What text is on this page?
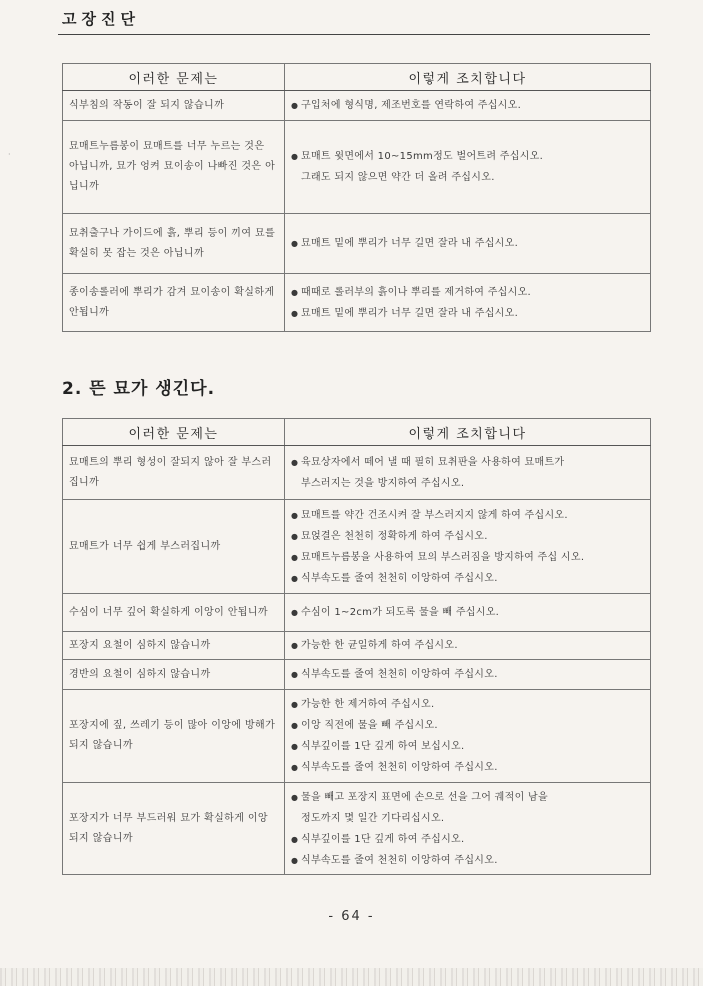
고장진단
·
이러한 문제는	이렇게 조치합니다
식부침의 작동이 잘 되지 않습니까	● 구입처에 형식명, 제조번호를 연락하여 주십시오.

묘매트누름봉이 묘매트를 너무 누르는 것은 아닙니까, 묘가 엉켜 묘이송이 나빠진 것은 아닙니까	● 묘매트 윗면에서 10~15mm정도 벌어트려 주십시오.
그래도 되지 않으면 약간 더 올려 주십시오.

묘취출구나 가이드에 흙, 뿌리 등이 끼여 묘를 확실히 못 잡는 것은 아닙니까	● 묘매트 밑에 뿌리가 너무 길면 잘라 내 주십시오.

종이송롤러에 뿌리가 감겨 묘이송이 확실하게 안됩니까	● 때때로 롤러부의 흙이나 뿌리를 제거하여 주십시오.
● 묘매트 밑에 뿌리가 너무 길면 잘라 내 주십시오.
2. 뜬 묘가 생긴다.
이러한 문제는	이렇게 조치합니다
묘매트의 뿌리 형성이 잘되지 않아 잘 부스러집니까	● 육묘상자에서 떼어 낼 때 필히 묘취판을 사용하여 묘매트가
부스러지는 것을 방지하여 주십시오.

묘매트가 너무 쉽게 부스러집니까	● 묘매트를 약간 건조시켜 잘 부스러지지 않게 하여 주십시오.
● 묘얹결은 천천히 정확하게 하여 주십시오.
● 묘매트누름봉을 사용하여 묘의 부스러짐을 방지하여 주십 시오.
● 식부속도를 줄여 천천히 이앙하여 주십시오.

수심이 너무 깊어 확실하게 이앙이 안됩니까	● 수심이 1~2cm가 되도록 물을 빼 주십시오.

포장지 요철이 심하지 않습니까	● 가능한 한 균일하게 하여 주십시오.

경반의 요철이 심하지 않습니까	● 식부속도를 줄여 천천히 이앙하여 주십시오.

포장지에 짚, 쓰레기 등이 많아 이앙에 방해가 되지 않습니까	● 가능한 한 제거하여 주십시오.
● 이앙 직전에 물을 빼 주십시오.
● 식부깊이를 1단 깊게 하여 보십시오.
● 식부속도를 줄여 천천히 이앙하여 주십시오.

포장지가 너무 부드러워 묘가 확실하게 이앙되지 않습니까	● 물을 빼고 포장지 표면에 손으로 선을 그어 궤적이 남을
정도까지 몇 일간 기다리십시오.
● 식부깊이를 1단 깊게 하여 주십시오.
● 식부속도를 줄여 천천히 이앙하여 주십시오.
- 64 -
